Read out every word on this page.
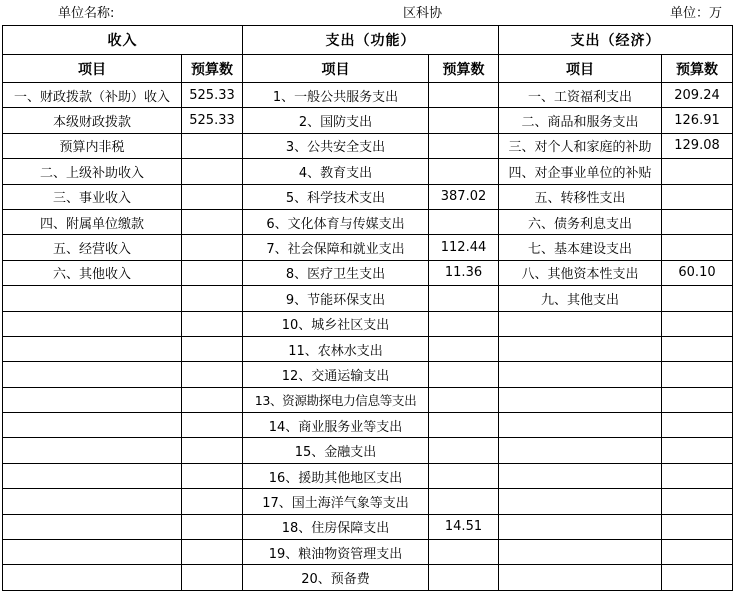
单位名称:	区科协	单位：万
收入		支出（功能）		支出（经济）	
项目	预算数	项目	预算数	项目	预算数
一、财政拨款（补助）收入	525.33	1、一般公共服务支出		一、工资福利支出	209.24
本级财政拨款	525.33	2、国防支出		二、商品和服务支出	126.91
预算内非税		3、公共安全支出		三、对个人和家庭的补助	129.08
二、上级补助收入		4、教育支出		四、对企事业单位的补贴	
三、事业收入		5、科学技术支出	387.02	五、转移性支出	
四、附属单位缴款		6、文化体育与传媒支出		六、债务利息支出	
五、经营收入		7、社会保障和就业支出	112.44	七、基本建设支出	
六、其他收入		8、医疗卫生支出	11.36	八、其他资本性支出	60.10
		9、节能环保支出		九、其他支出	
		10、城乡社区支出			
		11、农林水支出			
		12、交通运输支出			
		13、资源勘探电力信息等支出			
		14、商业服务业等支出			
		15、金融支出			
		16、援助其他地区支出			
		17、国土海洋气象等支出			
		18、住房保障支出	14.51		
		19、粮油物资管理支出			
		20、预备费			
